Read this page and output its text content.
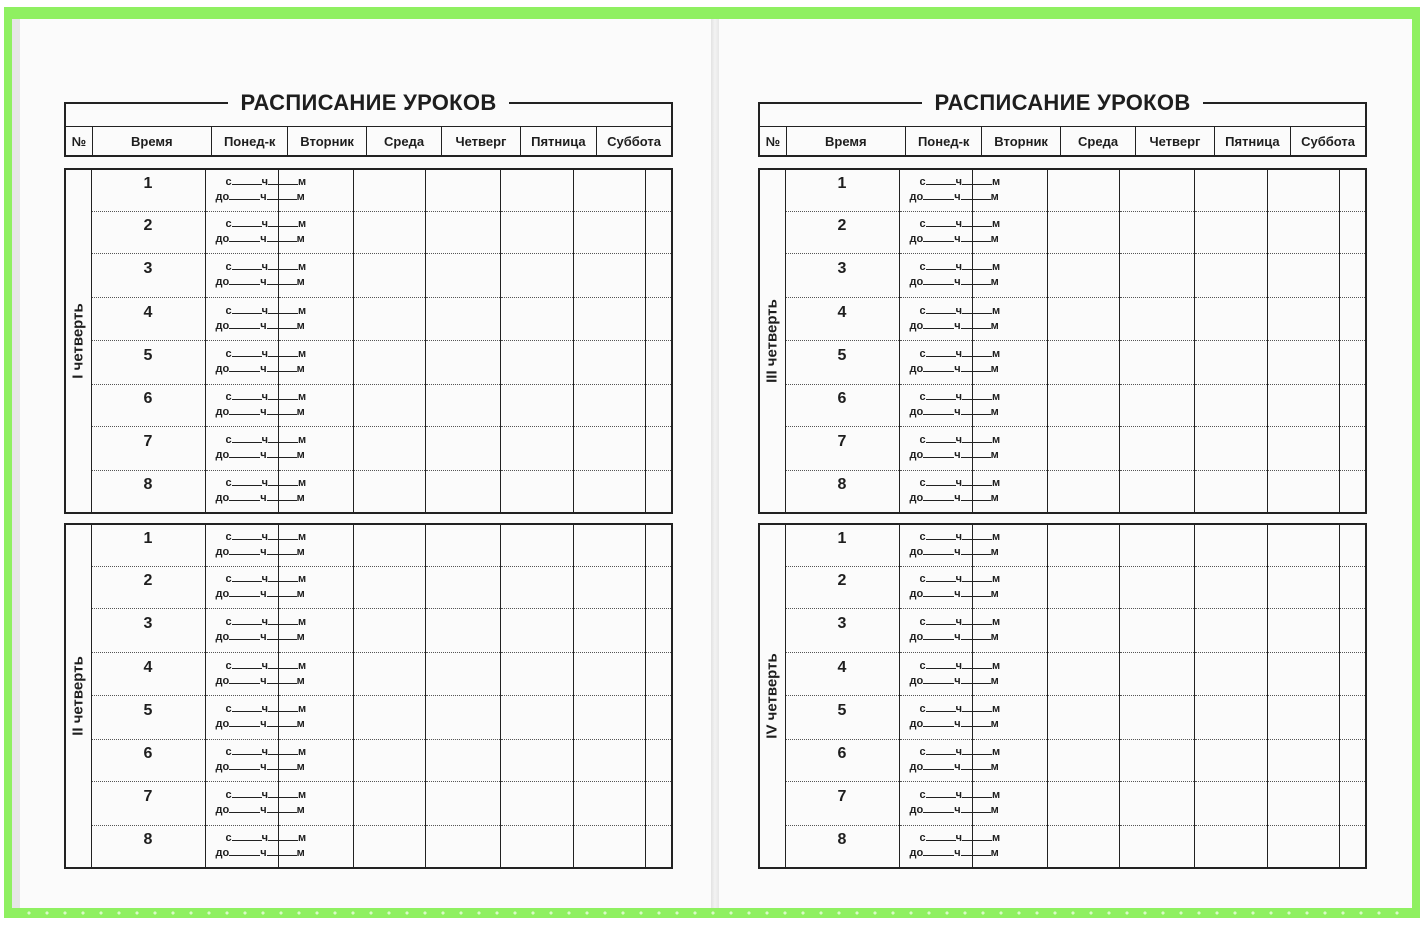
РАСПИСАНИЕ УРОКОВ

№	Время	Понед-к	Вторник	Среда	Четверг	Пятница	Суббота
I четверть	1	с ч м
до ч м						

	2	с ч м
до ч м						

	3	с ч м
до ч м						

	4	с ч м
до ч м						

	5	с ч м
до ч м						

	6	с ч м
до ч м						

	7	с ч м
до ч м						

	8	с ч м
до ч м						

II четверть	1	с ч м
до ч м						

	2	с ч м
до ч м						

	3	с ч м
до ч м						

	4	с ч м
до ч м						

	5	с ч м
до ч м						

	6	с ч м
до ч м						

	7	с ч м
до ч м						

	8	с ч м
до ч м						

РАСПИСАНИЕ УРОКОВ

№	Время	Понед-к	Вторник	Среда	Четверг	Пятница	Суббота
III четверть	1	с ч м
до ч м						

	2	с ч м
до ч м						

	3	с ч м
до ч м						

	4	с ч м
до ч м						

	5	с ч м
до ч м						

	6	с ч м
до ч м						

	7	с ч м
до ч м						

	8	с ч м
до ч м						

IV четверть	1	с ч м
до ч м						

	2	с ч м
до ч м						

	3	с ч м
до ч м						

	4	с ч м
до ч м						

	5	с ч м
до ч м						

	6	с ч м
до ч м						

	7	с ч м
до ч м						

	8	с ч м
до ч м						
